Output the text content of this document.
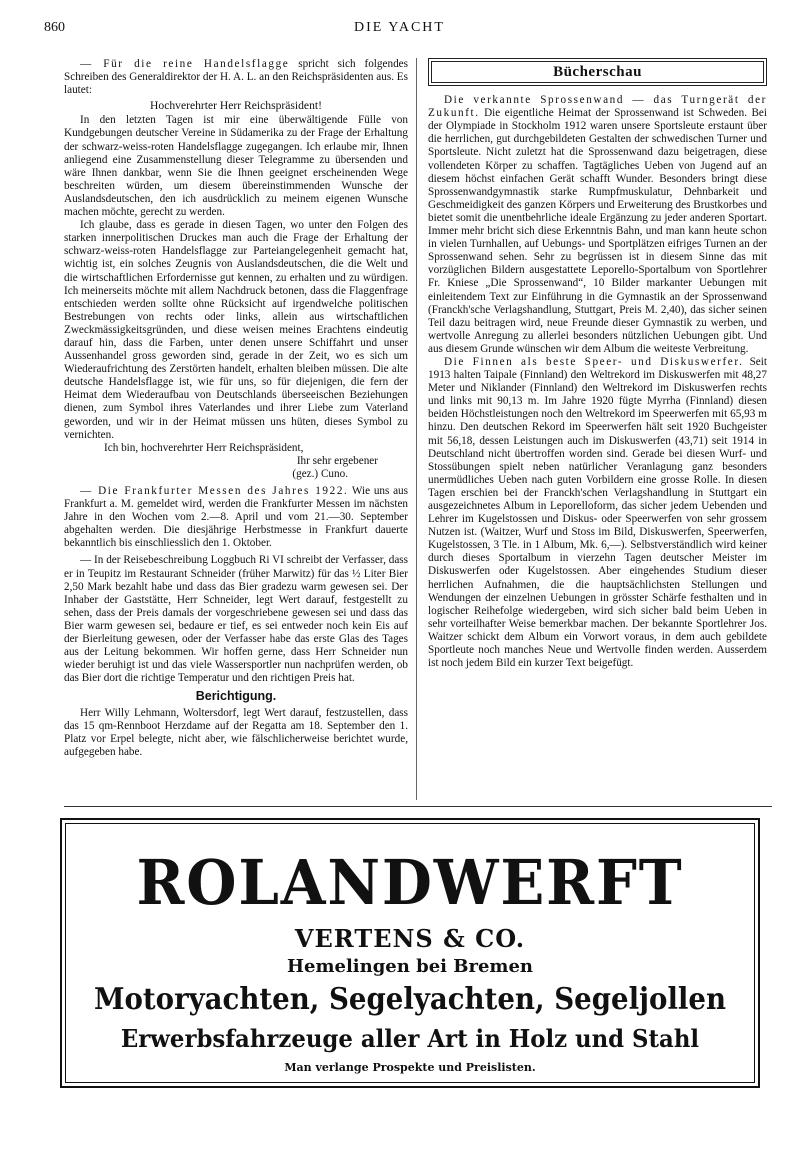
860	DIE YACHT

— Für die reine Handelsflagge spricht sich folgendes Schreiben des Generaldirektor der H. A. L. an den Reichspräsidenten aus. Es lautet:

Hochverehrter Herr Reichspräsident!

In den letzten Tagen ist mir eine überwältigende Fülle von Kundgebungen deutscher Vereine in Südamerika zu der Frage der Erhaltung der schwarz-weiss-roten Handelsflagge zugegangen. Ich erlaube mir, Ihnen anliegend eine Zusammenstellung dieser Telegramme zu übersenden und wäre Ihnen dankbar, wenn Sie die Ihnen geeignet erscheinenden Wege beschreiten würden, um diesem übereinstimmenden Wunsche der Auslandsdeutschen, den ich ausdrücklich zu meinem eigenen Wunsche machen möchte, gerecht zu werden.

Ich glaube, dass es gerade in diesen Tagen, wo unter den Folgen des starken innerpolitischen Druckes man auch die Frage der Erhaltung der schwarz-weiss-roten Handelsflagge zur Parteiangelegenheit gemacht hat, wichtig ist, ein solches Zeugnis von Auslandsdeutschen, die die Welt und die wirtschaftlichen Erfordernisse gut kennen, zu erhalten und zu würdigen. Ich meinerseits möchte mit allem Nachdruck betonen, dass die Flaggenfrage entschieden werden sollte ohne Rücksicht auf irgendwelche politischen Bestrebungen von rechts oder links, allein aus wirtschaftlichen Zweckmässigkeitsgründen, und diese weisen meines Erachtens eindeutig darauf hin, dass die Farben, unter denen unsere Schiffahrt und unser Aussenhandel gross geworden sind, gerade in der Zeit, wo es sich um Wiederaufrichtung des Zerstörten handelt, erhalten bleiben müssen. Die alte deutsche Handelsflagge ist, wie für uns, so für diejenigen, die fern der Heimat dem Wiederaufbau von Deutschlands überseeischen Beziehungen dienen, zum Symbol ihres Vaterlandes und ihrer Liebe zum Vaterland geworden, und wir in der Heimat müssen uns hüten, dieses Symbol zu vernichten.

Ich bin, hochverehrter Herr Reichspräsident,

Ihr sehr ergebener

(gez.) Cuno.

— Die Frankfurter Messen des Jahres 1922. Wie uns aus Frankfurt a. M. gemeldet wird, werden die Frankfurter Messen im nächsten Jahre in den Wochen vom 2.—8. April und vom 21.—30. September abgehalten werden. Die diesjährige Herbstmesse in Frankfurt dauerte bekanntlich bis einschliesslich den 1. Oktober.

— In der Reisebeschreibung Loggbuch Ri VI schreibt der Verfasser, dass er in Teupitz im Restaurant Schneider (früher Marwitz) für das ½ Liter Bier 2,50 Mark bezahlt habe und dass das Bier gradezu warm gewesen sei. Der Inhaber der Gaststätte, Herr Schneider, legt Wert darauf, festgestellt zu sehen, dass der Preis damals der vorgeschriebene gewesen sei und dass das Bier warm gewesen sei, bedaure er tief, es sei entweder noch kein Eis auf der Bierleitung gewesen, oder der Verfasser habe das erste Glas des Tages aus der Leitung bekommen. Wir hoffen gerne, dass Herr Schneider nun wieder beruhigt ist und das viele Wassersportler nun nachprüfen werden, ob das Bier dort die richtige Temperatur und den richtigen Preis hat.

Berichtigung.

Herr Willy Lehmann, Woltersdorf, legt Wert darauf, festzustellen, dass das 15 qm-Rennboot Herzdame auf der Regatta am 18. September den 1. Platz vor Erpel belegte, nicht aber, wie fälschlicherweise berichtet wurde, aufgegeben habe.

Bücherschau

Die verkannte Sprossenwand — das Turngerät der Zukunft. Die eigentliche Heimat der Sprossenwand ist Schweden. Bei der Olympiade in Stockholm 1912 waren unsere Sportsleute erstaunt über die herrlichen, gut durchgebildeten Gestalten der schwedischen Turner und Sportsleute. Nicht zuletzt hat die Sprossenwand dazu beigetragen, diese vollendeten Körper zu schaffen. Tagtägliches Ueben von Jugend auf an diesem höchst einfachen Gerät schafft Wunder. Besonders bringt diese Sprossenwandgymnastik starke Rumpfmuskulatur, Dehnbarkeit und Geschmeidigkeit des ganzen Körpers und Erweiterung des Brustkorbes und bietet somit die unentbehrliche ideale Ergänzung zu jeder anderen Sportart. Immer mehr bricht sich diese Erkenntnis Bahn, und man kann heute schon in vielen Turnhallen, auf Uebungs- und Sportplätzen eifriges Turnen an der Sprossenwand sehen. Sehr zu begrüssen ist in diesem Sinne das mit vorzüglichen Bildern ausgestattete Leporello-Sportalbum von Sportlehrer Fr. Kniese „Die Sprossenwand“, 10 Bilder markanter Uebungen mit einleitendem Text zur Einführung in die Gymnastik an der Sprossenwand (Franckh'sche Verlagshandlung, Stuttgart, Preis M. 2,40), das sicher seinen Teil dazu beitragen wird, neue Freunde dieser Gymnastik zu werben, und wertvolle Anregung zu allerlei besonders nützlichen Uebungen gibt. Und aus diesem Grunde wünschen wir dem Album die weiteste Verbreitung.

Die Finnen als beste Speer- und Diskuswerfer. Seit 1913 halten Taipale (Finnland) den Weltrekord im Diskuswerfen mit 48,27 Meter und Niklander (Finnland) den Weltrekord im Diskuswerfen rechts und links mit 90,13 m. Im Jahre 1920 fügte Myrrha (Finnland) diesen beiden Höchstleistungen noch den Weltrekord im Speerwerfen mit 65,93 m hinzu. Den deutschen Rekord im Speerwerfen hält seit 1920 Buchgeister mit 56,18, dessen Leistungen auch im Diskuswerfen (43,71) seit 1914 in Deutschland nicht übertroffen worden sind. Gerade bei diesen Wurf- und Stossübungen spielt neben natürlicher Veranlagung ganz besonders unermüdliches Ueben nach guten Vorbildern eine grosse Rolle. In diesen Tagen erschien bei der Franckh'schen Verlagshandlung in Stuttgart ein ausgezeichnetes Album in Leporelloform, das sicher jedem Uebenden und Lehrer im Kugelstossen und Diskus- oder Speerwerfen von sehr grossem Nutzen ist. (Waitzer, Wurf und Stoss im Bild, Diskuswerfen, Speerwerfen, Kugelstossen, 3 Tle. in 1 Album, Mk. 6,—). Selbstverständlich wird keiner durch dieses Sportalbum in vierzehn Tagen deutscher Meister im Diskuswerfen oder Kugelstossen. Aber eingehendes Studium dieser herrlichen Aufnahmen, die die hauptsächlichsten Stellungen und Wendungen der einzelnen Uebungen in grösster Schärfe festhalten und in logischer Reihefolge wiedergeben, wird sich sicher bald beim Ueben in sehr vorteilhafter Weise bemerkbar machen. Der bekannte Sportlehrer Jos. Waitzer schickt dem Album ein Vorwort voraus, in dem auch gebildete Sportleute noch manches Neue und Wertvolle finden werden. Ausserdem ist noch jedem Bild ein kurzer Text beigefügt.

ROLANDWERFT
VERTENS & CO.
Hemelingen bei Bremen
Motoryachten, Segelyachten, Segeljollen
Erwerbsfahrzeuge aller Art in Holz und Stahl
Man verlange Prospekte und Preislisten.
